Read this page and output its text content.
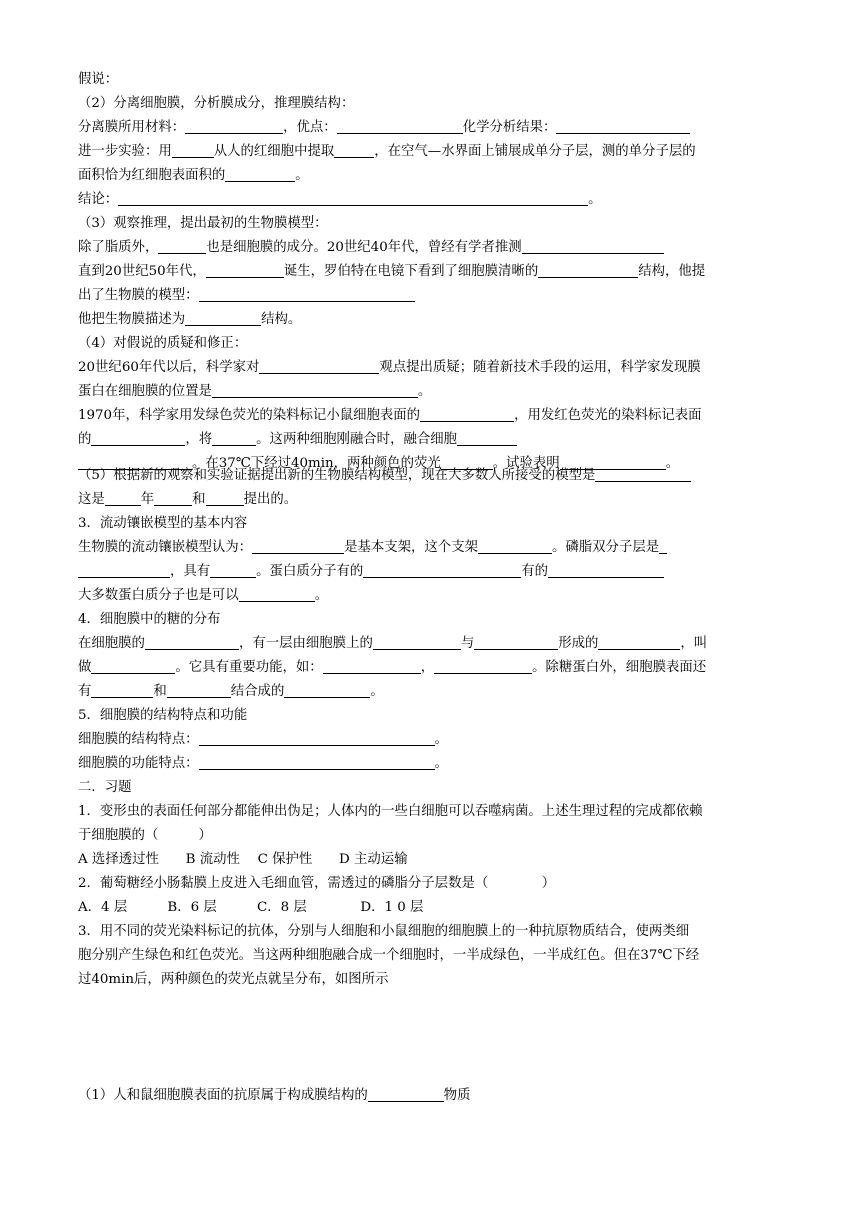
假说：
（2）分离细胞膜，分析膜成分，推理膜结构：
分离膜所用材料：	，优点：	化学分析结果：
进一步实验：用	从人的红细胞中提取	，在空气—水界面上铺展成单分子层，测的单分子层的
面积恰为红细胞表面积的	。
结论：	。
（3）观察推理，提出最初的生物膜模型：
除了脂质外，	也是细胞膜的成分。20世纪40年代，曾经有学者推测
直到20世纪50年代，	诞生，罗伯特在电镜下看到了细胞膜清晰的	结构，他提
出了生物膜的模型：
他把生物膜描述为	结构。
（4）对假说的质疑和修正：
20世纪60年代以后，科学家对	观点提出质疑；随着新技术手段的运用，科学家发现膜
蛋白在细胞膜的位置是	。
1970年，科学家用发绿色荧光的染料标记小鼠细胞表面的	，用发红色荧光的染料标记表面
的	，将	。这两种细胞刚融合时，融合细胞
。在37℃下经过40min，两种颜色的荧光	。试验表明	。
（5）根据新的观察和实验证据提出新的生物膜结构模型，现在大多数人所接受的模型是
这是	年	和	提出的。
3．流动镶嵌模型的基本内容
生物膜的流动镶嵌模型认为：	是基本支架，这个支架	。磷脂双分子层是
，具有	。蛋白质分子有的	有的
大多数蛋白质分子也是可以	。
4．细胞膜中的糖的分布
在细胞膜的	，有一层由细胞膜上的	与	形成的	，叫
做	。它具有重要功能，如：	，	。除糖蛋白外，细胞膜表面还
有	和	结合成的	。
5．细胞膜的结构特点和功能
细胞膜的结构特点：	。
细胞膜的功能特点：	。
二．习题
1．变形虫的表面任何部分都能伸出伪足；人体内的一些白细胞可以吞噬病菌。上述生理过程的完成都依赖
于细胞膜的（　　　）
A 选择透过性　　B 流动性　 C 保护性　　D 主动运输
2．葡萄糖经小肠黏膜上皮进入毛细血管，需透过的磷脂分子层数是（　　　　）
A．4 层　　　B．6 层　　　C．8 层　　　　D．1 0 层
3．用不同的荧光染料标记的抗体，分别与人细胞和小鼠细胞的细胞膜上的一种抗原物质结合，使两类细
胞分别产生绿色和红色荧光。当这两种细胞融合成一个细胞时，一半成绿色，一半成红色。但在37℃下经
过40min后，两种颜色的荧光点就呈分布，如图所示
（1）人和鼠细胞膜表面的抗原属于构成膜结构的	物质
